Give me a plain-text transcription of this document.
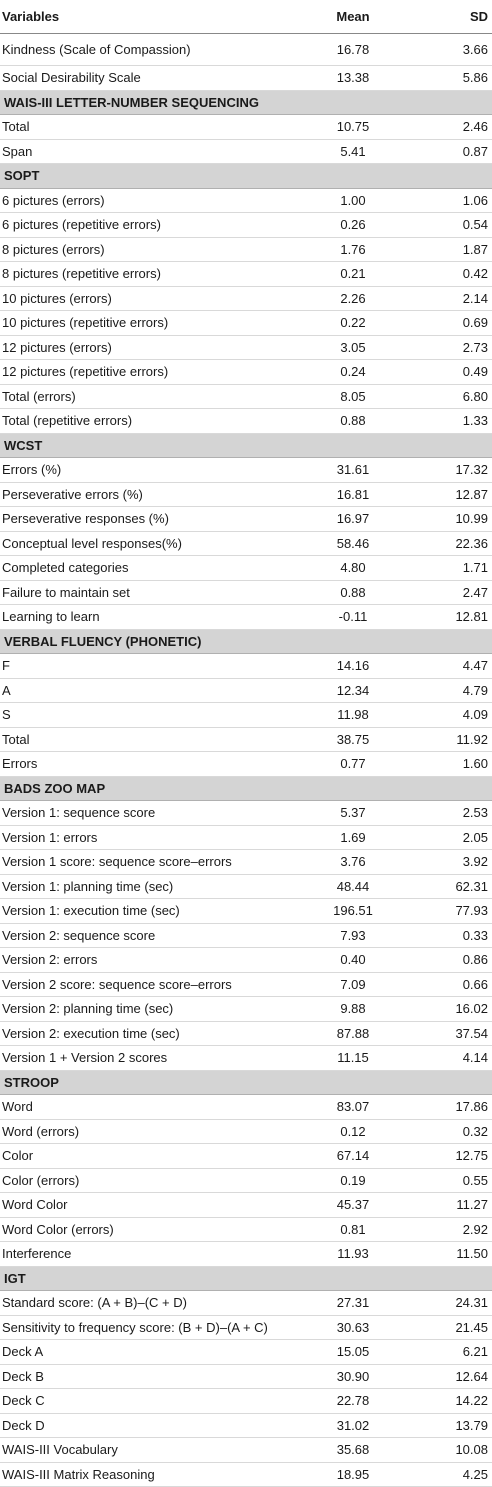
Variables	Mean	SD
Kindness (Scale of Compassion)	16.78	3.66
Social Desirability Scale	13.38	5.86
WAIS-III LETTER-NUMBER SEQUENCING		
Total	10.75	2.46
Span	5.41	0.87
SOPT		
6 pictures (errors)	1.00	1.06
6 pictures (repetitive errors)	0.26	0.54
8 pictures (errors)	1.76	1.87
8 pictures (repetitive errors)	0.21	0.42
10 pictures (errors)	2.26	2.14
10 pictures (repetitive errors)	0.22	0.69
12 pictures (errors)	3.05	2.73
12 pictures (repetitive errors)	0.24	0.49
Total (errors)	8.05	6.80
Total (repetitive errors)	0.88	1.33
WCST		
Errors (%)	31.61	17.32
Perseverative errors (%)	16.81	12.87
Perseverative responses (%)	16.97	10.99
Conceptual level responses(%)	58.46	22.36
Completed categories	4.80	1.71
Failure to maintain set	0.88	2.47
Learning to learn	-0.11	12.81
VERBAL FLUENCY (PHONETIC)		
F	14.16	4.47
A	12.34	4.79
S	11.98	4.09
Total	38.75	11.92
Errors	0.77	1.60
BADS ZOO MAP		
Version 1: sequence score	5.37	2.53
Version 1: errors	1.69	2.05
Version 1 score: sequence score–errors	3.76	3.92
Version 1: planning time (sec)	48.44	62.31
Version 1: execution time (sec)	196.51	77.93
Version 2: sequence score	7.93	0.33
Version 2: errors	0.40	0.86
Version 2 score: sequence score–errors	7.09	0.66
Version 2: planning time (sec)	9.88	16.02
Version 2: execution time (sec)	87.88	37.54
Version 1 + Version 2 scores	11.15	4.14
STROOP		
Word	83.07	17.86
Word (errors)	0.12	0.32
Color	67.14	12.75
Color (errors)	0.19	0.55
Word Color	45.37	11.27
Word Color (errors)	0.81	2.92
Interference	11.93	11.50
IGT		
Standard score: (A + B)–(C + D)	27.31	24.31
Sensitivity to frequency score: (B + D)–(A + C)	30.63	21.45
Deck A	15.05	6.21
Deck B	30.90	12.64
Deck C	22.78	14.22
Deck D	31.02	13.79
WAIS-III Vocabulary	35.68	10.08
WAIS-III Matrix Reasoning	18.95	4.25
